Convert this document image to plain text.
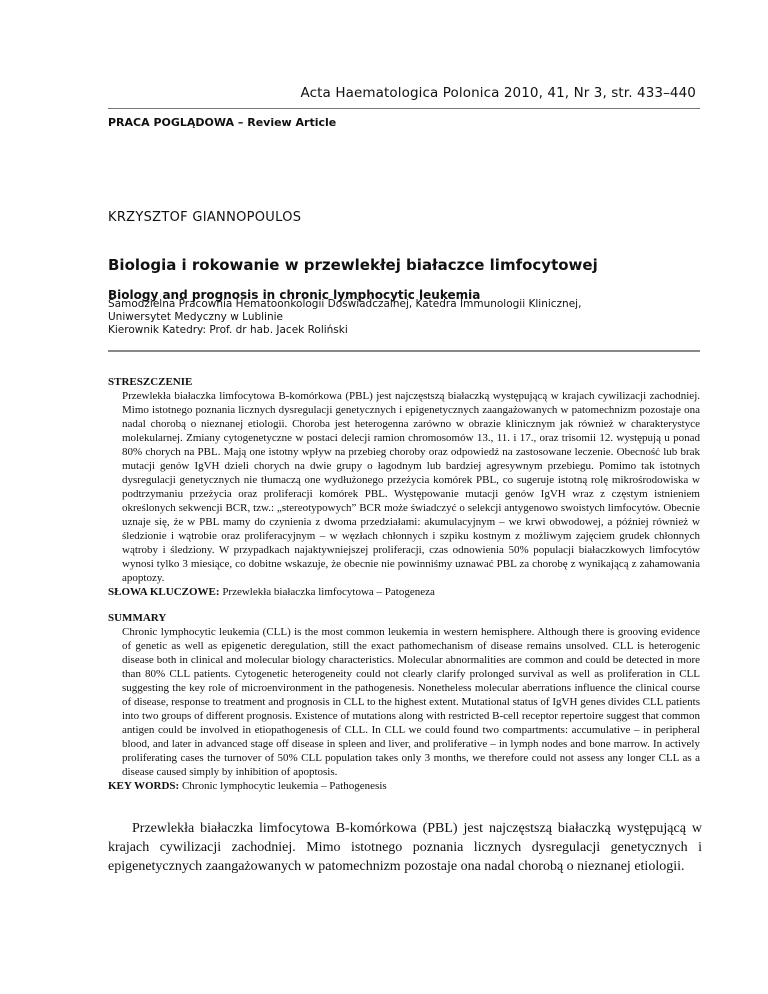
Acta Haematologica Polonica 2010, 41, Nr 3, str. 433–440
PRACA POGLĄDOWA – Review Article
KRZYSZTOF GIANNOPOULOS
Biologia i rokowanie w przewlekłej białaczce limfocytowej
Biology and prognosis in chronic lymphocytic leukemia
Samodzielna Pracownia Hematoonkologii Doświadczalnej, Katedra Immunologii Klinicznej,
Uniwersytet Medyczny w Lublinie
Kierownik Katedry: Prof. dr hab. Jacek Roliński
STRESZCZENIE
Przewlekła białaczka limfocytowa B-komórkowa (PBL) jest najczęstszą białaczką występującą w krajach cywilizacji zachodniej. Mimo istotnego poznania licznych dysregulacji genetycznych i epigenetycznych zaangażowanych w patomechnizm pozostaje ona nadal chorobą o nieznanej etiologii. Choroba jest heterogenna zarówno w obrazie klinicznym jak również w charakterystyce molekularnej. Zmiany cytogenetyczne w postaci delecji ramion chromosomów 13., 11. i 17., oraz trisomii 12. występują u ponad 80% chorych na PBL. Mają one istotny wpływ na przebieg choroby oraz odpowiedź na zastosowane leczenie. Obecność lub brak mutacji genów IgVH dzieli chorych na dwie grupy o łagodnym lub bardziej agresywnym przebiegu. Pomimo tak istotnych dysregulacji genetycznych nie tłumaczą one wydłużonego przeżycia komórek PBL, co sugeruje istotną rolę mikrośrodowiska w podtrzymaniu przeżycia oraz proliferacji komórek PBL. Występowanie mutacji genów IgVH wraz z częstym istnieniem określonych sekwencji BCR, tzw.: „stereotypowych” BCR może świadczyć o selekcji antygenowo swoistych limfocytów. Obecnie uznaje się, że w PBL mamy do czynienia z dwoma przedziałami: akumulacyjnym – we krwi obwodowej, a później również w śledzionie i wątrobie oraz proliferacyjnym – w węzłach chłonnych i szpiku kostnym z możliwym zajęciem grudek chłonnych wątroby i śledziony. W przypadkach najaktywniejszej proliferacji, czas odnowienia 50% populacji białaczkowych limfocytów wynosi tylko 3 miesiące, co dobitne wskazuje, że obecnie nie powinniśmy uznawać PBL za chorobę z wynikającą z zahamowania apoptozy.
SŁOWA KLUCZOWE: Przewlekła białaczka limfocytowa – Patogeneza
SUMMARY
Chronic lymphocytic leukemia (CLL) is the most common leukemia in western hemisphere. Although there is grooving evidence of genetic as well as epigenetic deregulation, still the exact pathomechanism of disease remains unsolved. CLL is heterogenic disease both in clinical and molecular biology characteristics. Molecular abnormalities are common and could be detected in more than 80% CLL patients. Cytogenetic heterogeneity could not clearly clarify prolonged survival as well as proliferation in CLL suggesting the key role of microenvironment in the pathogenesis. Nonetheless molecular aberrations influence the clinical course of disease, response to treatment and prognosis in CLL to the highest extent. Mutational status of IgVH genes divides CLL patients into two groups of different prognosis. Existence of mutations along with restricted B-cell receptor repertoire suggest that common antigen could be involved in etiopathogenesis of CLL. In CLL we could found two compartments: accumulative – in peripheral blood, and later in advanced stage off disease in spleen and liver, and proliferative – in lymph nodes and bone marrow. In actively proliferating cases the turnover of 50% CLL population takes only 3 months, we therefore could not assess any longer CLL as a disease caused simply by inhibition of apoptosis.
KEY WORDS: Chronic lymphocytic leukemia – Pathogenesis
Przewlekła białaczka limfocytowa B-komórkowa (PBL) jest najczęstszą białaczką występującą w krajach cywilizacji zachodniej. Mimo istotnego poznania licznych dysregulacji genetycznych i epigenetycznych zaangażowanych w patomechnizm pozostaje ona nadal chorobą o nieznanej etiologii.
